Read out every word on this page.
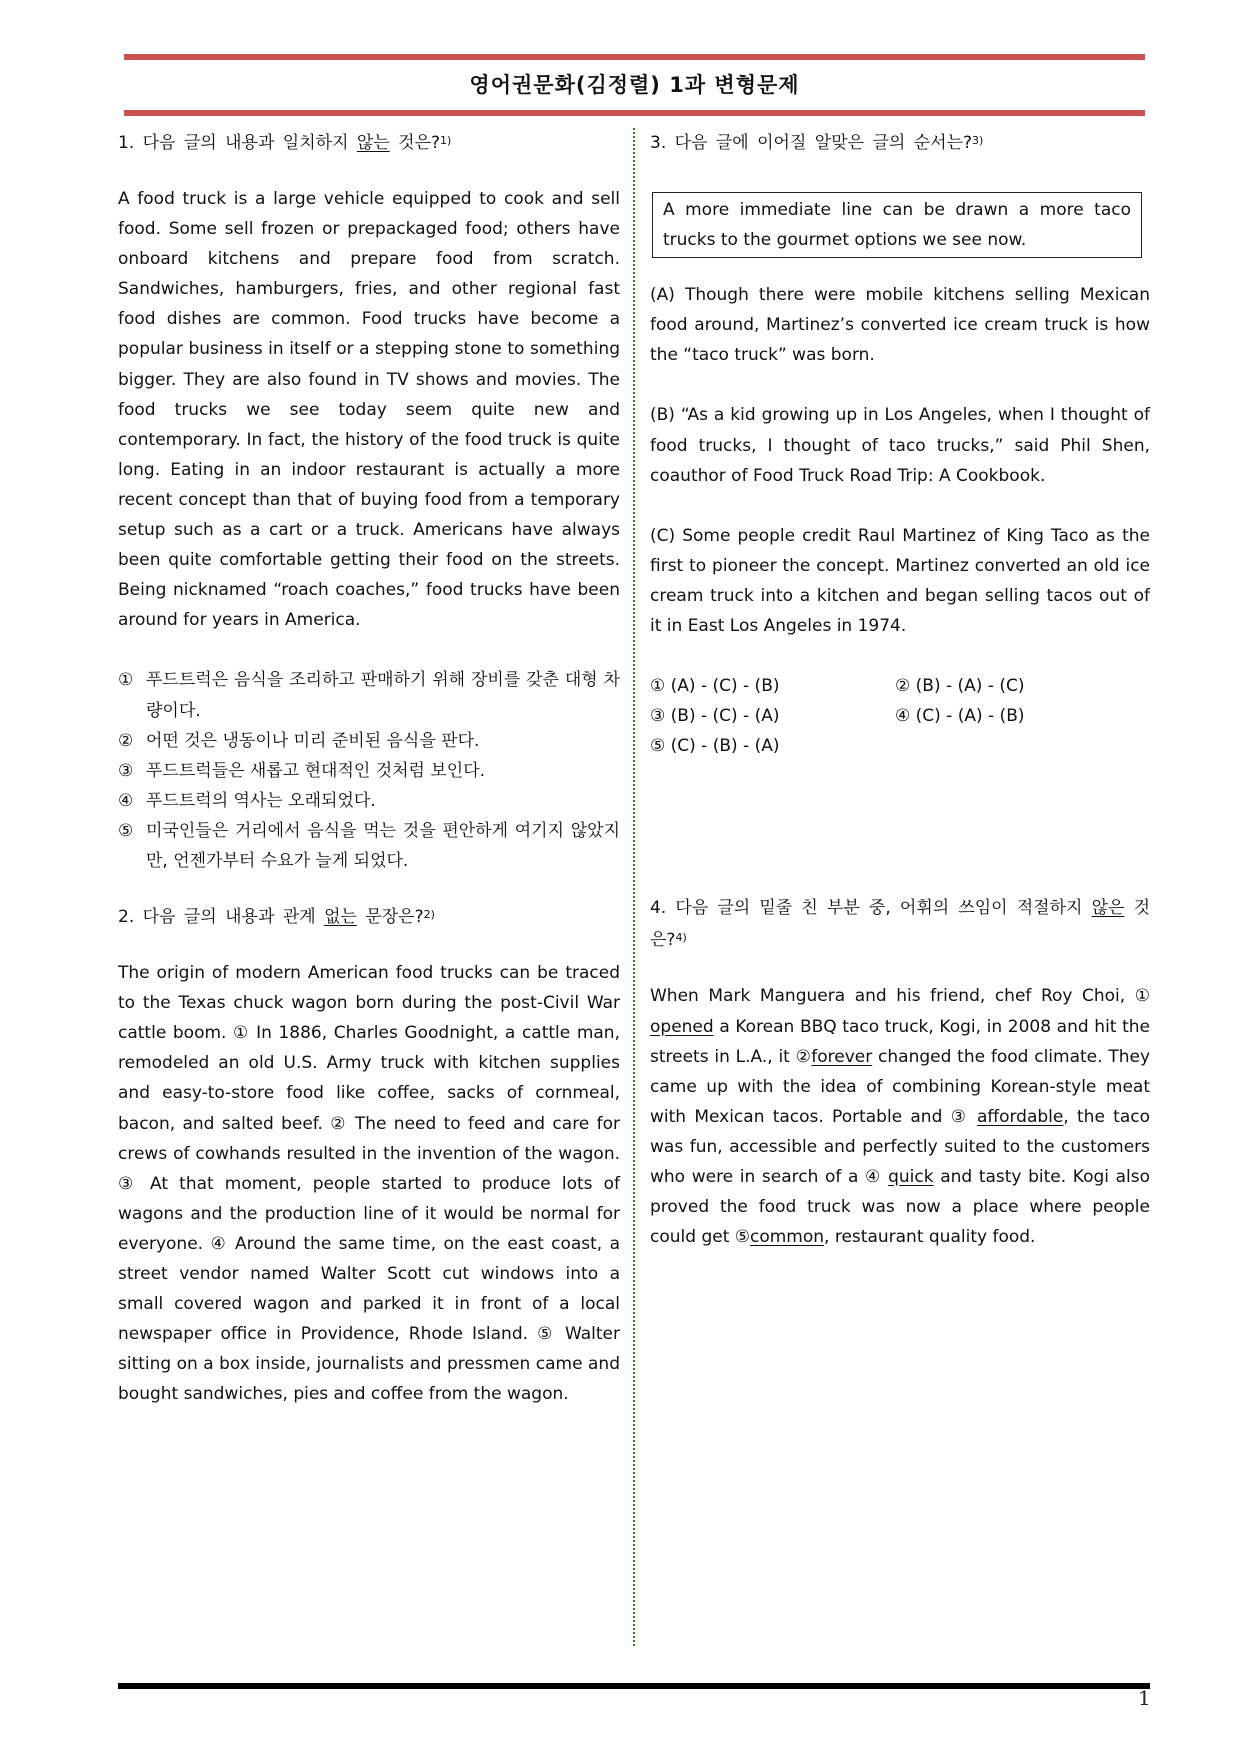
영어권문화(김정렬) 1과 변형문제

1. 다음 글의 내용과 일치하지 않는 것은?$^{1)}$

A food truck is a large vehicle equipped to cook and sell food. Some sell frozen or prepackaged food; others have onboard kitchens and prepare food from scratch. Sandwiches, hamburgers, fries, and other regional fast food dishes are common. Food trucks have become a popular business in itself or a stepping stone to something bigger. They are also found in TV shows and movies. The food trucks we see today seem quite new and contemporary. In fact, the history of the food truck is quite long. Eating in an indoor restaurant is actually a more recent concept than that of buying food from a temporary setup such as a cart or a truck. Americans have always been quite comfortable getting their food on the streets. Being nicknamed “roach coaches,” food trucks have been around for years in America.

① 푸드트럭은 음식을 조리하고 판매하기 위해 장비를 갖춘 대형 차량이다.
② 어떤 것은 냉동이나 미리 준비된 음식을 판다.
③ 푸드트럭들은 새롭고 현대적인 것처럼 보인다.
④ 푸드트럭의 역사는 오래되었다.
⑤ 미국인들은 거리에서 음식을 먹는 것을 편안하게 여기지 않았지만, 언젠가부터 수요가 늘게 되었다.

2. 다음 글의 내용과 관계 없는 문장은?$^{2)}$

The origin of modern American food trucks can be traced to the Texas chuck wagon born during the post-Civil War cattle boom. ① In 1886, Charles Goodnight, a cattle man, remodeled an old U.S. Army truck with kitchen supplies and easy-to-store food like coffee, sacks of cornmeal, bacon, and salted beef. ② The need to feed and care for crews of cowhands resulted in the invention of the wagon. ③ At that moment, people started to produce lots of wagons and the production line of it would be normal for everyone. ④ Around the same time, on the east coast, a street vendor named Walter Scott cut windows into a small covered wagon and parked it in front of a local newspaper office in Providence, Rhode Island. ⑤ Walter sitting on a box inside, journalists and pressmen came and bought sandwiches, pies and coffee from the wagon.

3. 다음 글에 이어질 알맞은 글의 순서는?$^{3)}$

A more immediate line can be drawn a more taco trucks to the gourmet options we see now.

(A) Though there were mobile kitchens selling Mexican food around, Martinez’s converted ice cream truck is how the “taco truck” was born.

(B) “As a kid growing up in Los Angeles, when I thought of food trucks, I thought of taco trucks,” said Phil Shen, coauthor of Food Truck Road Trip: A Cookbook.

(C) Some people credit Raul Martinez of King Taco as the first to pioneer the concept. Martinez converted an old ice cream truck into a kitchen and began selling tacos out of it in East Los Angeles in 1974.

① (A) - (C) - (B)	② (B) - (A) - (C)
③ (B) - (C) - (A)	④ (C) - (A) - (B)
⑤ (C) - (B) - (A)

4. 다음 글의 밑줄 친 부분 중, 어휘의 쓰임이 적절하지 않은 것은?$^{4)}$

When Mark Manguera and his friend, chef Roy Choi, ① opened a Korean BBQ taco truck, Kogi, in 2008 and hit the streets in L.A., it ②forever changed the food climate. They came up with the idea of combining Korean-style meat with Mexican tacos. Portable and ③ affordable, the taco was fun, accessible and perfectly suited to the customers who were in search of a ④ quick and tasty bite. Kogi also proved the food truck was now a place where people could get ⑤common, restaurant quality food.

1
